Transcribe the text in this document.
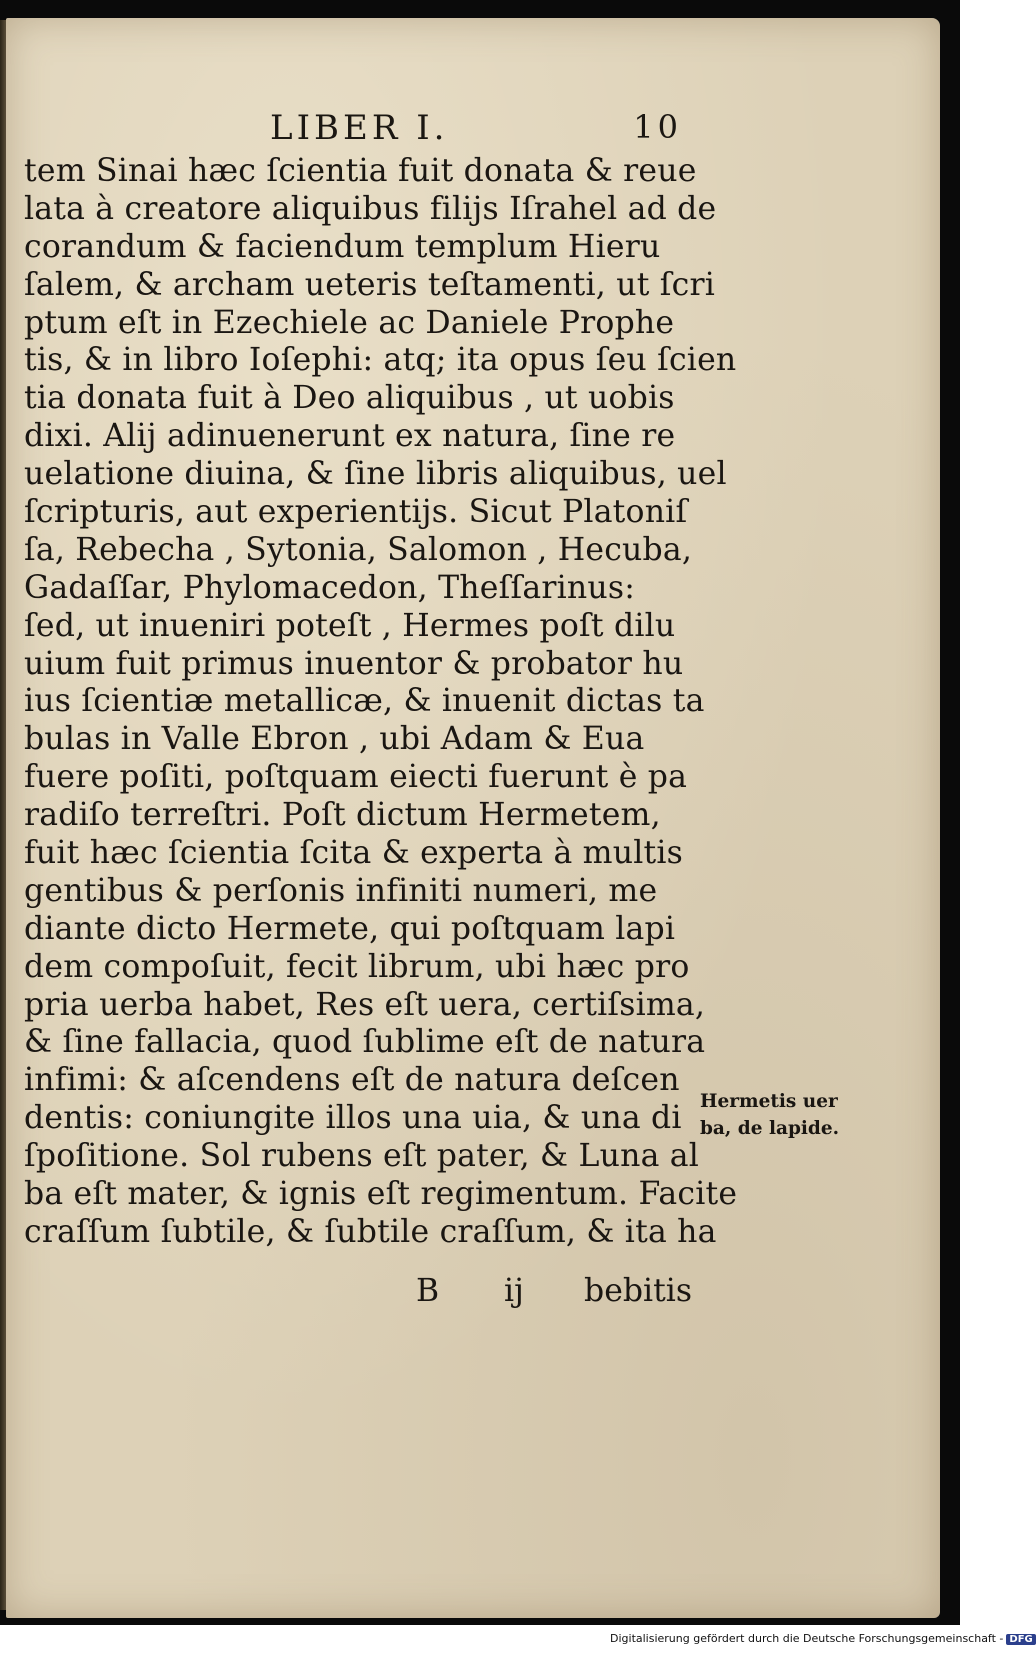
LIBER I.	10
tem Sinai hæc ſcientia fuit donata & reue
lata à creatore aliquibus filijs Iſrahel ad de
corandum & faciendum templum Hieru
ſalem, & archam ueteris teſtamenti, ut ſcri
ptum eſt in Ezechiele ac Daniele Prophe
tis, & in libro Ioſephi: atq; ita opus ſeu ſcien
tia donata fuit à Deo aliquibus , ut uobis
dixi. Alij adinuenerunt ex natura, ſine re
uelatione diuina, & ſine libris aliquibus, uel
ſcripturis, aut experientijs. Sicut Platoniſ
ſa, Rebecha , Sytonia, Salomon , Hecuba,
Gadaſſar, Phylomacedon, Theſſarinus:
ſed, ut inueniri poteſt , Hermes poſt dilu
uium fuit primus inuentor & probator hu
ius ſcientiæ metallicæ, & inuenit dictas ta
bulas in Valle Ebron , ubi Adam & Eua
fuere poſiti, poſtquam eiecti fuerunt è pa
radiſo terreſtri. Poſt dictum Hermetem,
fuit hæc ſcientia ſcita & experta à multis
gentibus & perſonis infiniti numeri, me
diante dicto Hermete, qui poſtquam lapi
dem compoſuit, fecit librum, ubi hæc pro
pria uerba habet, Res eſt uera, certiſsima,
& ſine fallacia, quod ſublime eſt de natura
infimi: & aſcendens eſt de natura deſcen
dentis: coniungite illos una uia, & una di
ſpoſitione. Sol rubens eſt pater, & Luna al
ba eſt mater, & ignis eſt regimentum. Facite
craſſum ſubtile, & ſubtile craſſum, & ita ha
B ij bebitis
Hermetis uer
ba, de lapide.
Digitalisierung gefördert durch die Deutsche Forschungsgemeinschaft - DFG
